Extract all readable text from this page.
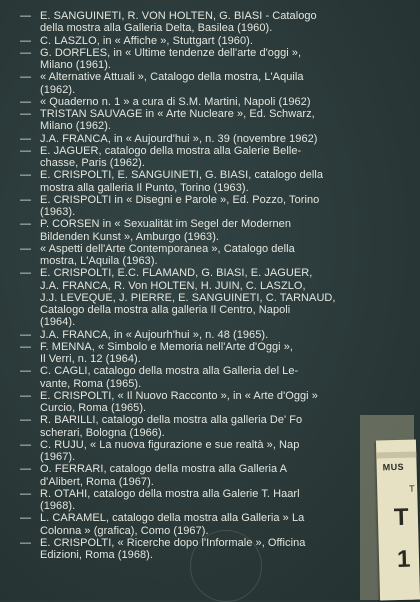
— E. SANGUINETI, R. VON HOLTEN, G. BIASI - Catalogo
della mostra alla Galleria Delta, Basilea (1960).
— C. LASZLO, in « Affiche », Stuttgart (1960).
— G. DORFLES, in « Ultime tendenze dell'arte d'oggi »,
Milano (1961).
— « Alternative Attuali », Catalogo della mostra, L'Aquila
(1962).
— « Quaderno n. 1 » a cura di S.M. Martini, Napoli (1962)
— TRISTAN SAUVAGE in « Arte Nucleare », Ed. Schwarz,
Milano (1962).
— J.A. FRANCA, in « Aujourd'hui », n. 39 (novembre 1962)
— E. JAGUER, catalogo della mostra alla Galerie Belle-
chasse, Paris (1962).
— E. CRISPOLTI, E. SANGUINETI, G. BIASI, catalogo della
mostra alla galleria Il Punto, Torino (1963).
— E. CRISPOLTI in « Disegni e Parole », Ed. Pozzo, Torino
(1963).
— P. CORSEN in « Sexualität im Segel der Modernen
Bildenden Kunst », Amburgo (1963).
— « Aspetti dell'Arte Contemporanea », Catalogo della
mostra, L'Aquila (1963).
— E. CRISPOLTI, E.C. FLAMAND, G. BIASI, E. JAGUER,
J.A. FRANCA, R. Von HOLTEN, H. JUIN, C. LASZLO,
J.J. LEVEQUE, J. PIERRE, E. SANGUINETI, C. TARNAUD,
Catalogo della mostra alla galleria Il Centro, Napoli
(1964).
— J.A. FRANCA, in « Aujourh'hui », n. 48 (1965).
— F. MENNA, « Simbolo e Memoria nell'Arte d'Oggi »,
Il Verri, n. 12 (1964).
— C. CAGLI, catalogo della mostra alla Galleria del Le-
vante, Roma (1965).
— E. CRISPOLTI, « Il Nuovo Racconto », in « Arte d'Oggi »
Curcio, Roma (1965).
— R. BARILLI, catalogo della mostra alla galleria De' Fo
scherari, Bologna (1966).
— C. RUJU, « La nuova figurazione e sue realtà », Nap
(1967).
— O. FERRARI, catalogo della mostra alla Galleria A
d'Alibert, Roma (1967).
— R. OTAHI, catalogo della mostra alla Galerie T. Haarl
(1968).
— L. CARAMEL, catalogo della mostra alla Galleria » La
Colonna » (grafica), Como (1967).
— E. CRISPOLTI, « Ricerche dopo l'Informale », Officina
Edizioni, Roma (1968).
MUS
T
T
1
